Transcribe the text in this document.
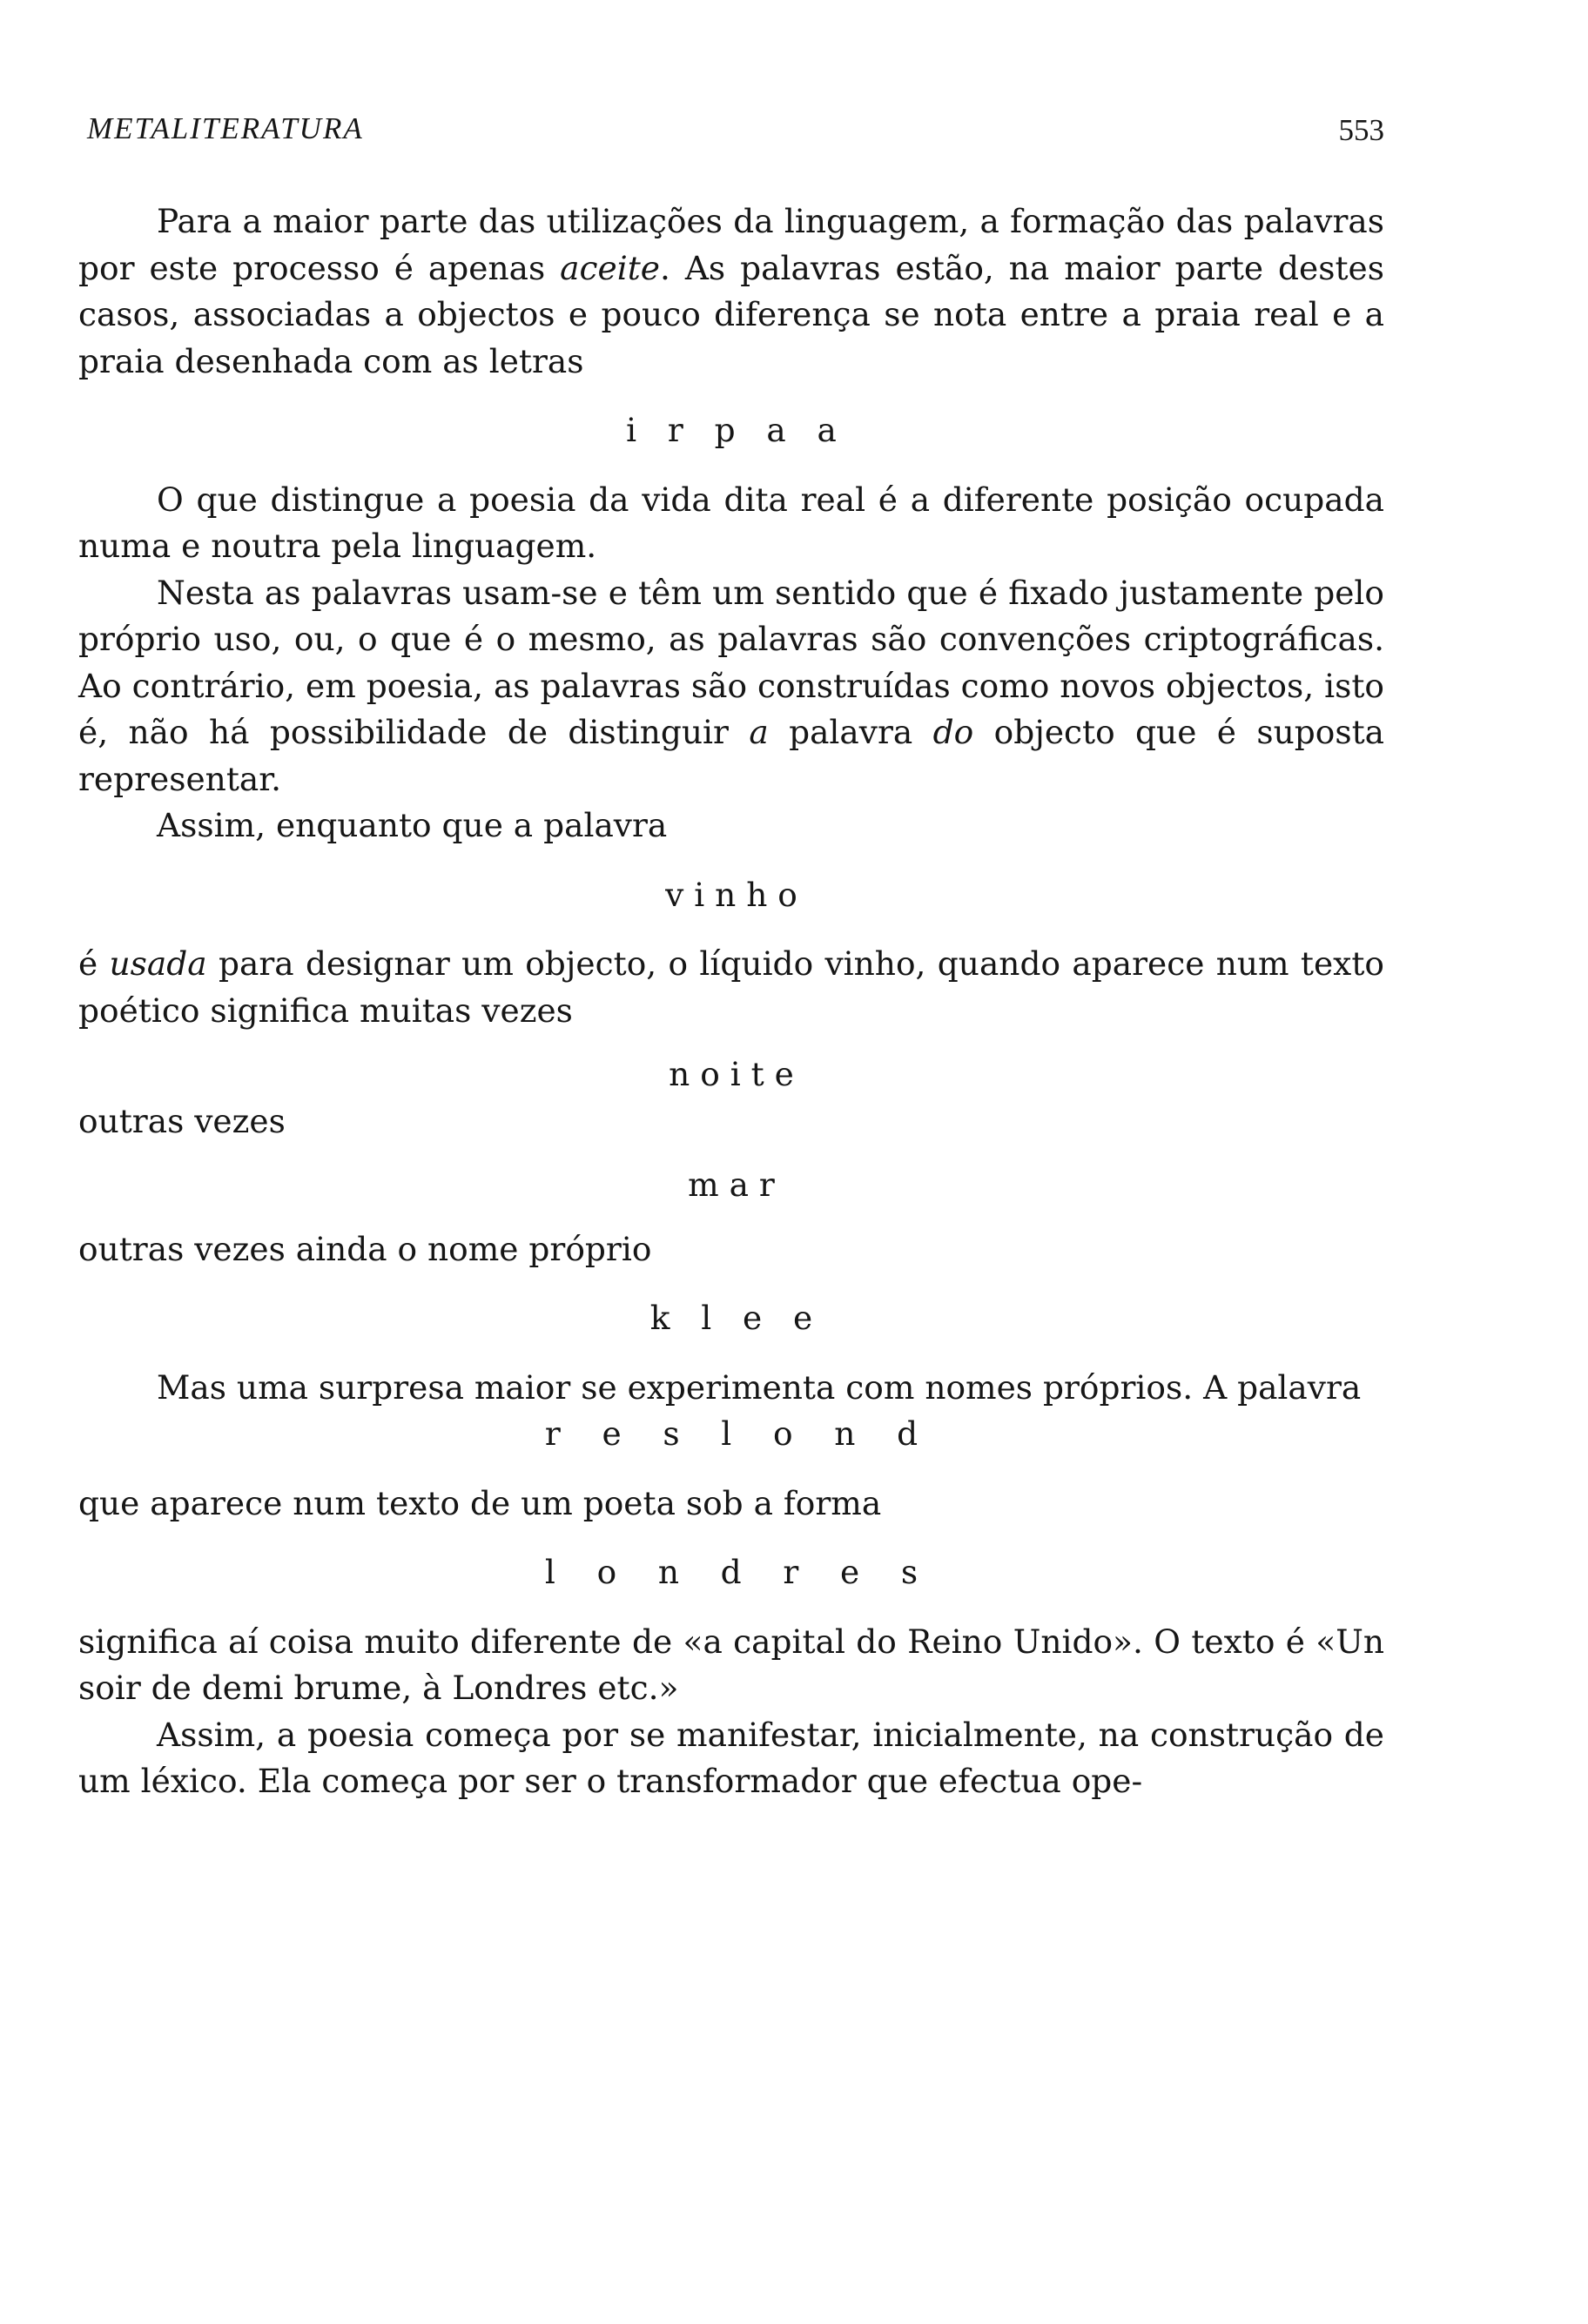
METALITERATURA	553

Para a maior parte das utilizações da linguagem, a formação das palavras por este processo é apenas aceite. As palavras estão, na maior parte destes casos, associadas a objectos e pouco diferença se nota entre a praia real e a praia desenhada com as letras

i   r   p   a   a

O que distingue a poesia da vida dita real é a diferente posição ocupada numa e noutra pela linguagem.

Nesta as palavras usam-se e têm um sentido que é fixado justamente pelo próprio uso, ou, o que é o mesmo, as palavras são convenções criptográficas. Ao contrário, em poesia, as palavras são construídas como novos objectos, isto é, não há possibilidade de distinguir a palavra do objecto que é suposta representar.

Assim, enquanto que a palavra

v i n h o

é usada para designar um objecto, o líquido vinho, quando aparece num texto poético significa muitas vezes

n o i t e

outras vezes

m a r

outras vezes ainda o nome próprio

k   l   e   e

Mas uma surpresa maior se experimenta com nomes próprios. A palavra

r    e    s    l    o    n    d

que aparece num texto de um poeta sob a forma

l    o    n    d    r    e    s

significa aí coisa muito diferente de «a capital do Reino Unido». O texto é «Un soir de demi brume, à Londres etc.»

Assim, a poesia começa por se manifestar, inicialmente, na construção de um léxico. Ela começa por ser o transformador que efectua ope-
